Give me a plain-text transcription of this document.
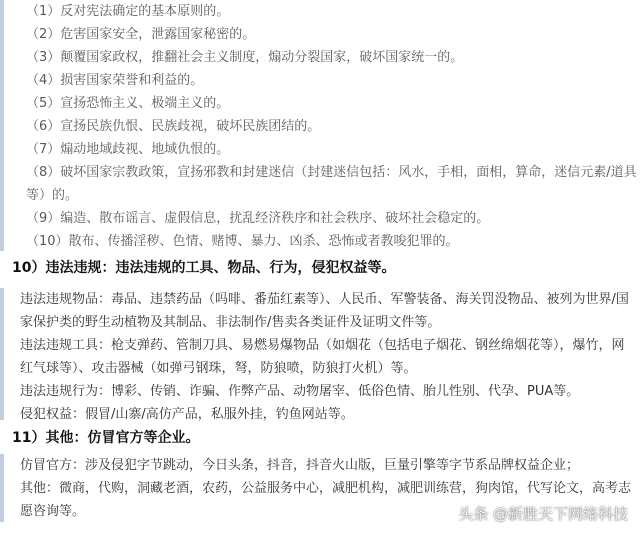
（1）反对宪法确定的基本原则的。
（2）危害国家安全，泄露国家秘密的。
（3）颠覆国家政权，推翻社会主义制度，煽动分裂国家，破坏国家统一的。
（4）损害国家荣誉和利益的。
（5）宣扬恐怖主义、极端主义的。
（6）宣扬民族仇恨、民族歧视，破坏民族团结的。
（7）煽动地域歧视、地域仇恨的。
（8）破坏国家宗教政策，宣扬邪教和封建迷信（封建迷信包括：风水，手相，面相，算命，迷信元素/道具
等）的。
（9）编造、散布谣言、虚假信息，扰乱经济秩序和社会秩序、破坏社会稳定的。
（10）散布、传播淫秽、色情、赌博、暴力、凶杀、恐怖或者教唆犯罪的。
10）违法违规：违法违规的工具、物品、行为，侵犯权益等。
违法违规物品：毒品、违禁药品（吗啡、番茄红素等）、人民币、军警装备、海关罚没物品、被列为世界/国
家保护类的野生动植物及其制品、非法制作/售卖各类证件及证明文件等。
违法违规工具：枪支弹药、管制刀具、易燃易爆物品（如烟花（包括电子烟花、钢丝绵烟花等），爆竹，网
红气球等）、攻击器械（如弹弓钢珠，弩，防狼喷，防狼打火机）等。
违法违规行为：博彩、传销、诈骗、作弊产品、动物屠宰、低俗色情、胎儿性别、代孕、PUA等。
侵犯权益：假冒/山寨/高仿产品，私服外挂，钓鱼网站等。
11）其他：仿冒官方等企业。
仿冒官方：涉及侵犯字节跳动，今日头条，抖音，抖音火山版，巨量引擎等字节系品牌权益企业；
其他：微商，代购，洞藏老酒，农药，公益服务中心，减肥机构，减肥训练营，狗肉馆，代写论文，高考志
愿咨询等。	头条 @新胜天下网络科技
